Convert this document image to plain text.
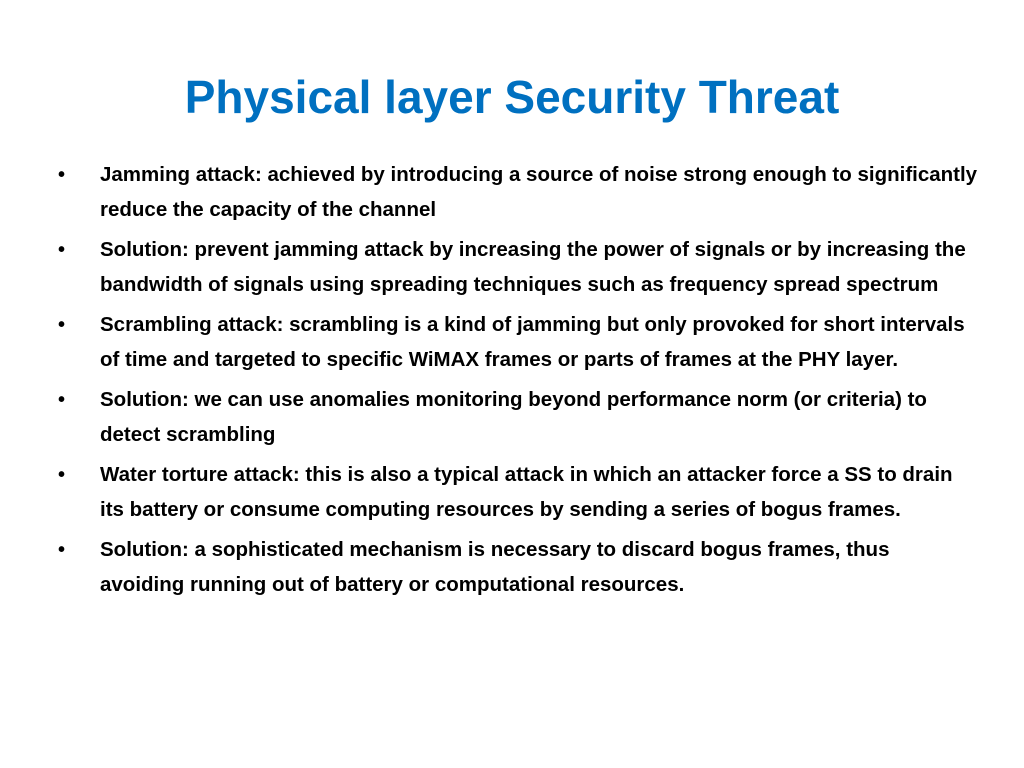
Physical layer Security Threat
•	Jamming attack: achieved by introducing a source of noise strong enough to significantly reduce the capacity of the channel
•	Solution: prevent jamming attack by increasing the power of signals or by increasing the bandwidth of signals using spreading techniques such as frequency spread spectrum
•	Scrambling attack: scrambling is a kind of jamming but only provoked for short intervals of time and targeted to specific WiMAX frames or parts of frames at the PHY layer.
•	Solution: we can use anomalies monitoring beyond performance norm (or criteria) to detect scrambling
•	Water torture attack: this is also a typical attack in which an attacker force a SS to drain its battery or consume computing resources by sending a series of bogus frames.
•	Solution: a sophisticated mechanism is necessary to discard bogus frames, thus avoiding running out of battery or computational resources.
